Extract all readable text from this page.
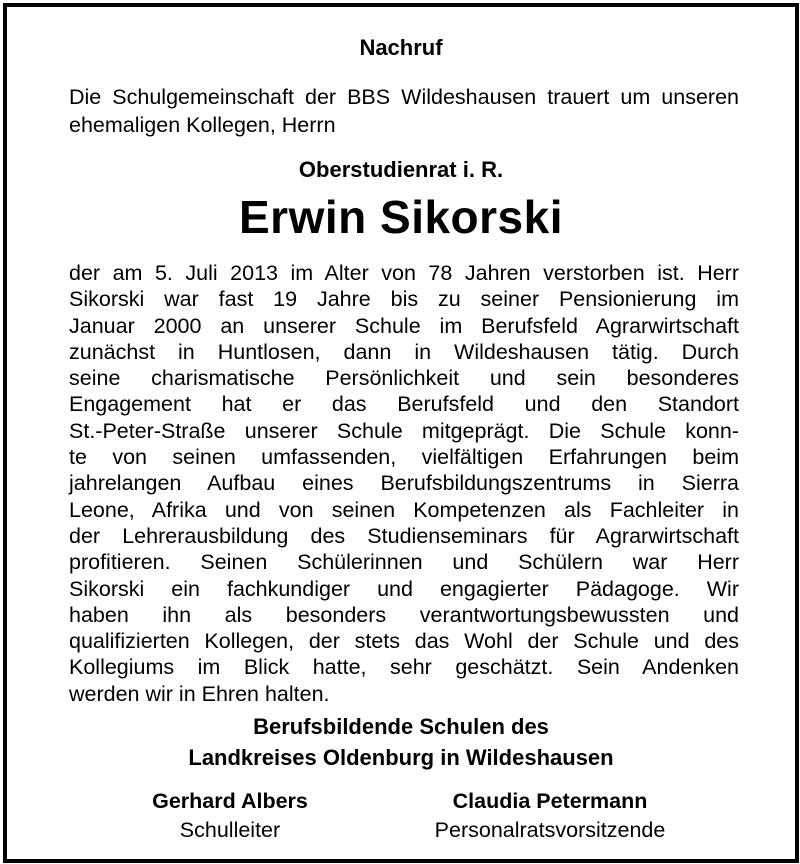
Nachruf
Die Schulgemeinschaft der BBS Wildeshausen trauert um unseren ehemaligen Kollegen, Herrn
Oberstudienrat i. R.
Erwin Sikorski
der am 5. Juli 2013 im Alter von 78 Jahren verstorben ist. Herr
Sikorski war fast 19 Jahre bis zu seiner Pensionierung im
Januar 2000 an unserer Schule im Berufsfeld Agrarwirtschaft
zunächst in Huntlosen, dann in Wildeshausen tätig. Durch
seine charismatische Persönlichkeit und sein besonderes
Engagement hat er das Berufsfeld und den Standort
St.-Peter-Straße unserer Schule mitgeprägt. Die Schule konn-
te von seinen umfassenden, vielfältigen Erfahrungen beim
jahrelangen Aufbau eines Berufsbildungszentrums in Sierra
Leone, Afrika und von seinen Kompetenzen als Fachleiter in
der Lehrerausbildung des Studienseminars für Agrarwirtschaft
profitieren. Seinen Schülerinnen und Schülern war Herr
Sikorski ein fachkundiger und engagierter Pädagoge. Wir
haben ihn als besonders verantwortungsbewussten und
qualifizierten Kollegen, der stets das Wohl der Schule und des
Kollegiums im Blick hatte, sehr geschätzt. Sein Andenken
werden wir in Ehren halten.
Berufsbildende Schulen des
Landkreises Oldenburg in Wildeshausen
Gerhard Albers
Schulleiter
Claudia Petermann
Personalratsvorsitzende
